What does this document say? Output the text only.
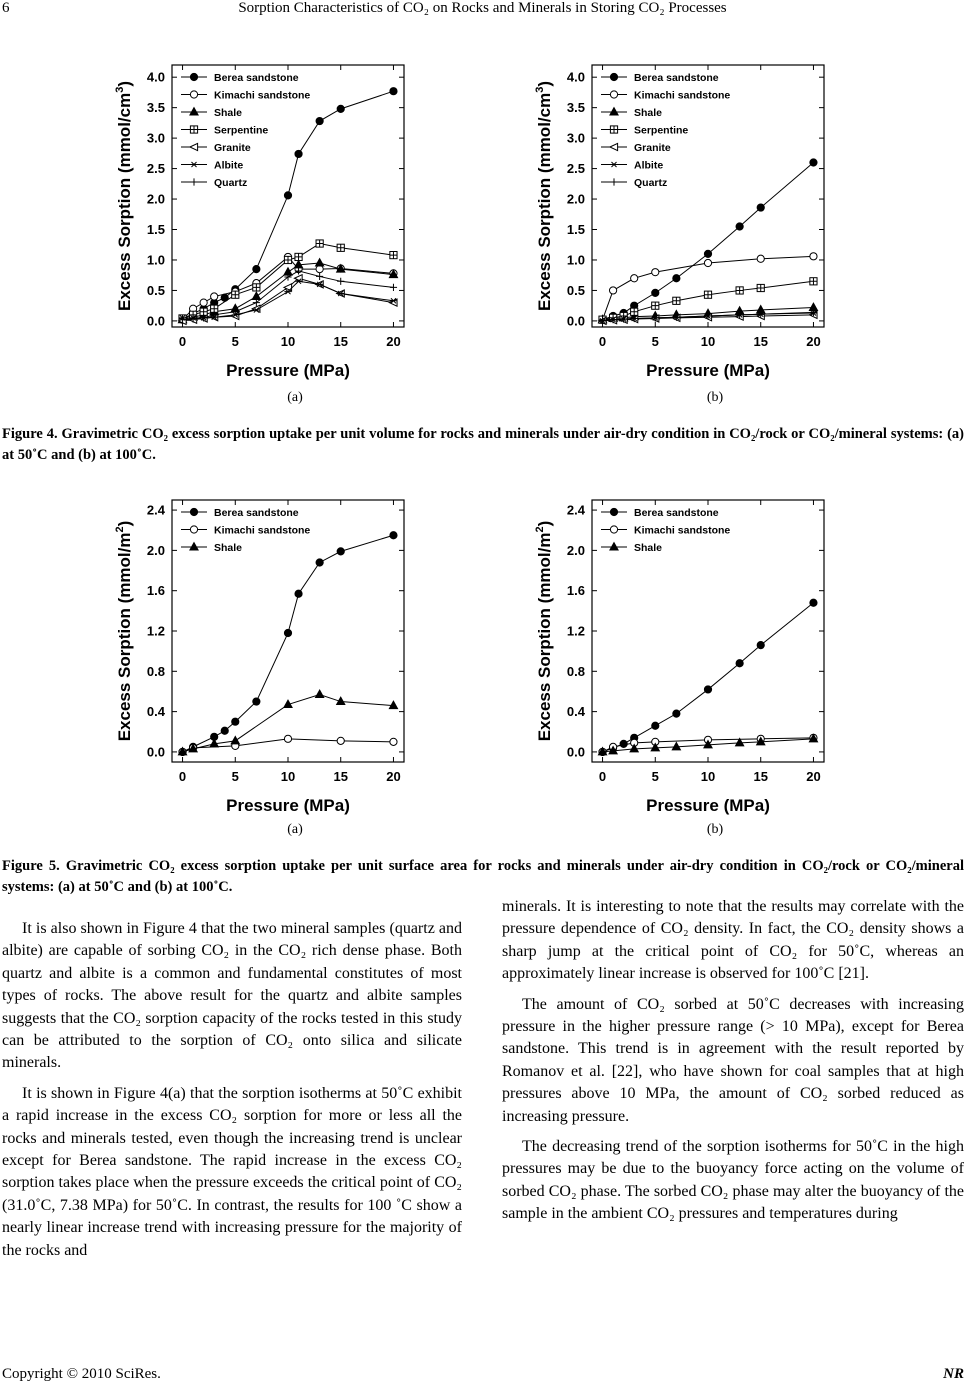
6	Sorption Characteristics of CO₂ on Rocks and Minerals in Storing CO₂ Processes
0	5	10	15	20
0.0
0.5
1.0
1.5
2.0
2.5
3.0
3.5
4.0
Pressure (MPa)
Excess Sorption $(mmol/cm^3)$	Berea sandstone
Kimachi sandstone
Shale
Serpentine
Granite
Albite
Quartz
0	5	10	15	20
0.0
0.5
1.0
1.5
2.0
2.5
3.0
3.5
4.0
Pressure (MPa)
Excess Sorption $(mmol/cm^3)$	Berea sandstone
Kimachi sandstone
Shale
Serpentine
Granite
Albite
Quartz
(a)	(b)
Figure 4. Gravimetric CO₂ excess sorption uptake per unit volume for rocks and minerals under air-dry condition in CO₂/rock or CO₂/mineral systems: (a) at 50˚C and (b) at 100˚C.
0	5	10	15	20
0.0
0.4
0.8
1.2
1.6
2.0
2.4
Pressure (MPa)
Excess Sorption $(mmol/m^2)$
Berea sandstone
Kimachi sandstone
Shale
0	5	10	15	20
0.0
0.4
0.8
1.2
1.6
2.0
2.4
Pressure (MPa)
Excess Sorption $(mmol/m^2)$
Berea sandstone
Kimachi sandstone
Shale
(a)	(b)
Figure 5. Gravimetric CO₂ excess sorption uptake per unit surface area for rocks and minerals under air-dry condition in CO₂/rock or CO₂/mineral systems: (a) at 50˚C and (b) at 100˚C.

It is also shown in Figure 4 that the two mineral samples (quartz and albite) are capable of sorbing CO₂ in the CO₂ rich dense phase. Both quartz and albite is a common and fundamental constitutes of most types of rocks. The above result for the quartz and albite samples suggests that the CO₂ sorption capacity of the rocks tested in this study can be attributed to the sorption of CO₂ onto silica and silicate minerals.

It is shown in Figure 4(a) that the sorption isotherms at 50˚C exhibit a rapid increase in the excess CO₂ sorption for more or less all the rocks and minerals tested, even though the increasing trend is unclear except for Berea sandstone. The rapid increase in the excess CO₂ sorption takes place when the pressure exceeds the critical point of CO₂ (31.0˚C, 7.38 MPa) for 50˚C. In contrast, the results for 100 ˚C show a nearly linear increase trend with increasing pressure for the majority of the rocks and

minerals. It is interesting to note that the results may correlate with the pressure dependence of CO₂ density. In fact, the CO₂ density shows a sharp jump at the critical point of CO₂ for 50˚C, whereas an approximately linear increase is observed for 100˚C [21].

The amount of CO₂ sorbed at 50˚C decreases with increasing pressure in the higher pressure range (> 10 MPa), except for Berea sandstone. This trend is in agreement with the result reported by Romanov et al. [22], who have shown for coal samples that at high pressures above 10 MPa, the amount of CO₂ sorbed reduced as increasing pressure.

The decreasing trend of the sorption isotherms for 50˚C in the high pressures may be due to the buoyancy force acting on the volume of sorbed CO₂ phase. The sorbed CO₂ phase may alter the buoyancy of the sample in the ambient CO₂ pressures and temperatures during

Copyright © 2010 SciRes.	NR
